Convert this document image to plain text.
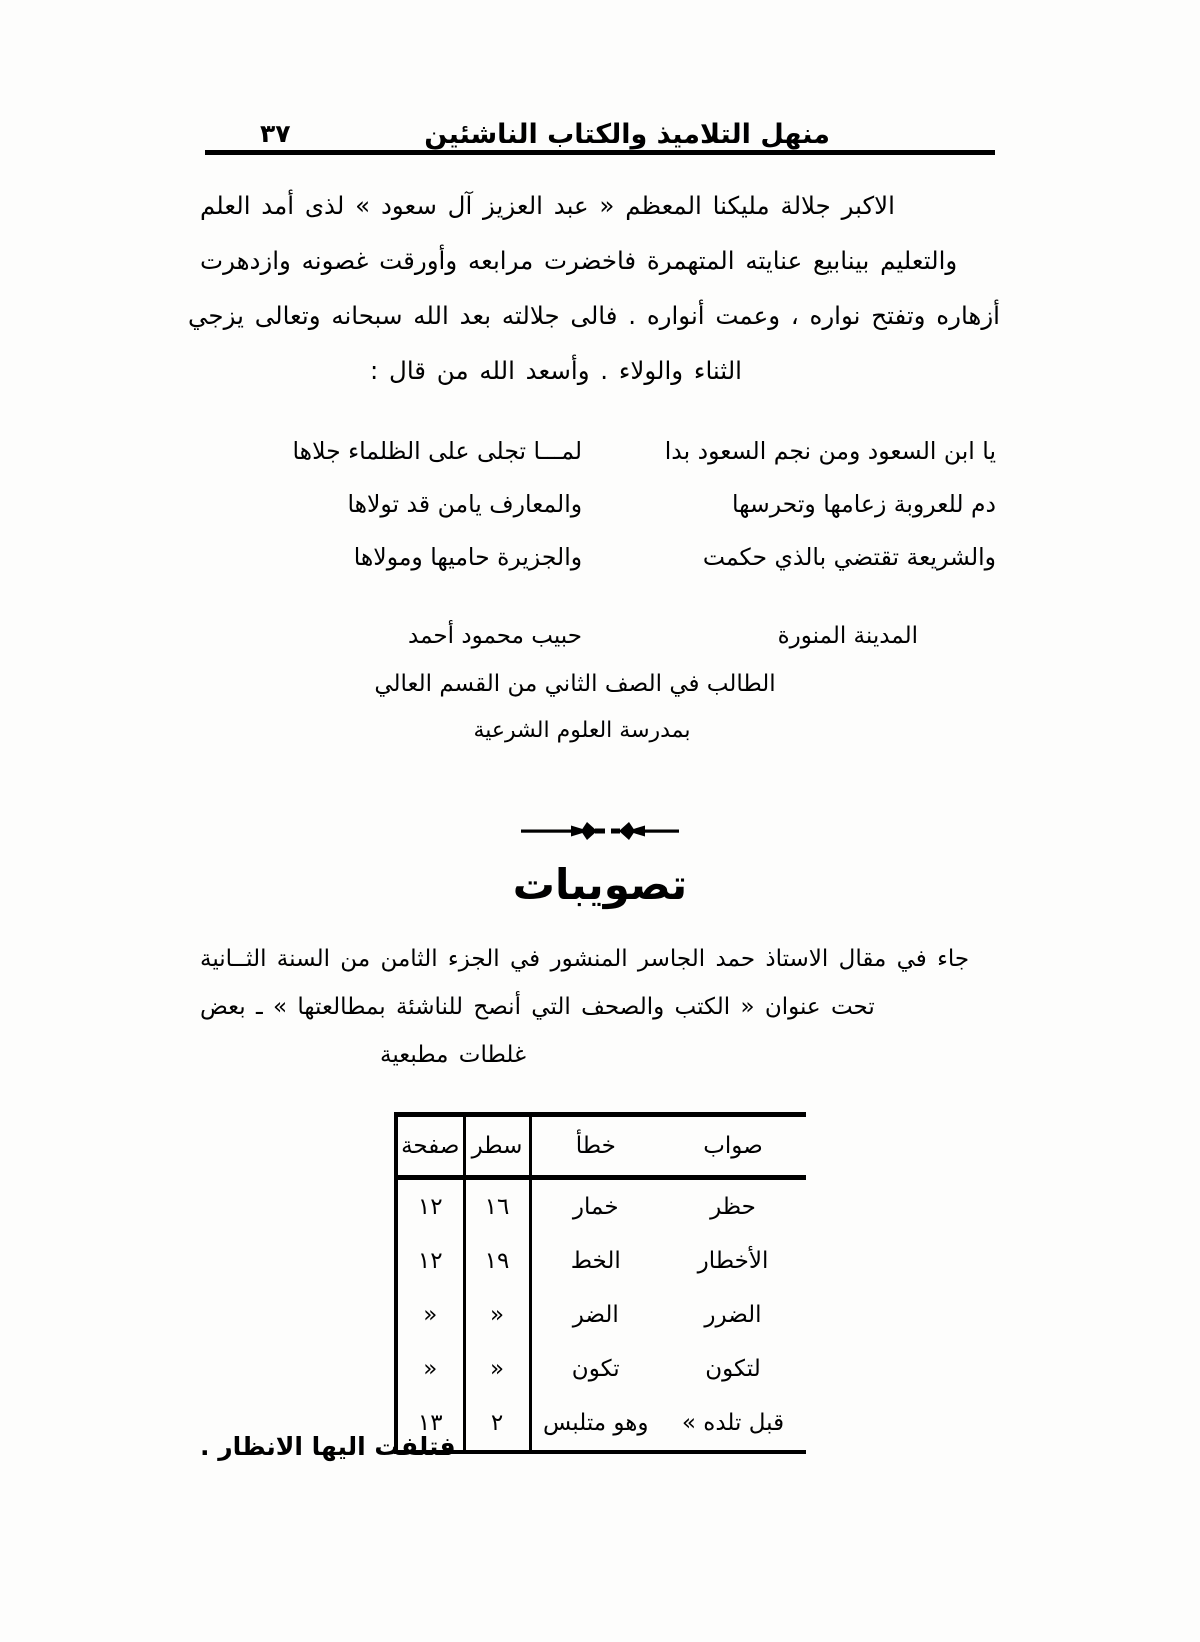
منهل التلاميذ والكتاب الناشئين
٣٧
الاكبر جلالة مليكنا المعظم « عبد العزيز آل سعود » لذى أمد العلم
والتعليم بينابيع عنايته المتهمرة فاخضرت مرابعه وأورقت غصونه وازدهرت
أزهاره وتفتح نواره ، وعمت أنواره . فالى جلالته بعد الله سبحانه وتعالى يزجي
الثناء والولاء . وأسعد الله من قال :
يا ابن السعود ومن نجم السعود بدا
لمـــا تجلى على الظلماء جلاها
دم للعروبة زعامها وتحرسها
والمعارف يامن قد تولاها
والشريعة تقتضي بالذي حكمت
والجزيرة حاميها ومولاها
المدينة المنورة
حبيب محمود أحمد
الطالب في الصف الثاني من القسم العالي
بمدرسة العلوم الشرعية
تصويبات
جاء في مقال الاستاذ حمد الجاسر المنشور في الجزء الثامن من السنة الثــانية
تحت عنوان « الكتب والصحف التي أنصح للناشئة بمطالعتها » ـ بعض
غلطات مطبعية
صواب	خطأ	سطر	صفحة
حظر	خمار	١٦	١٢
الأخطار	الخط	١٩	١٢
الضرر	الضر	«	«
لتكون	تكون	«	«
قبل تلده »	وهو متلبس	٢	١٣
فتلفت اليها الانظار .
